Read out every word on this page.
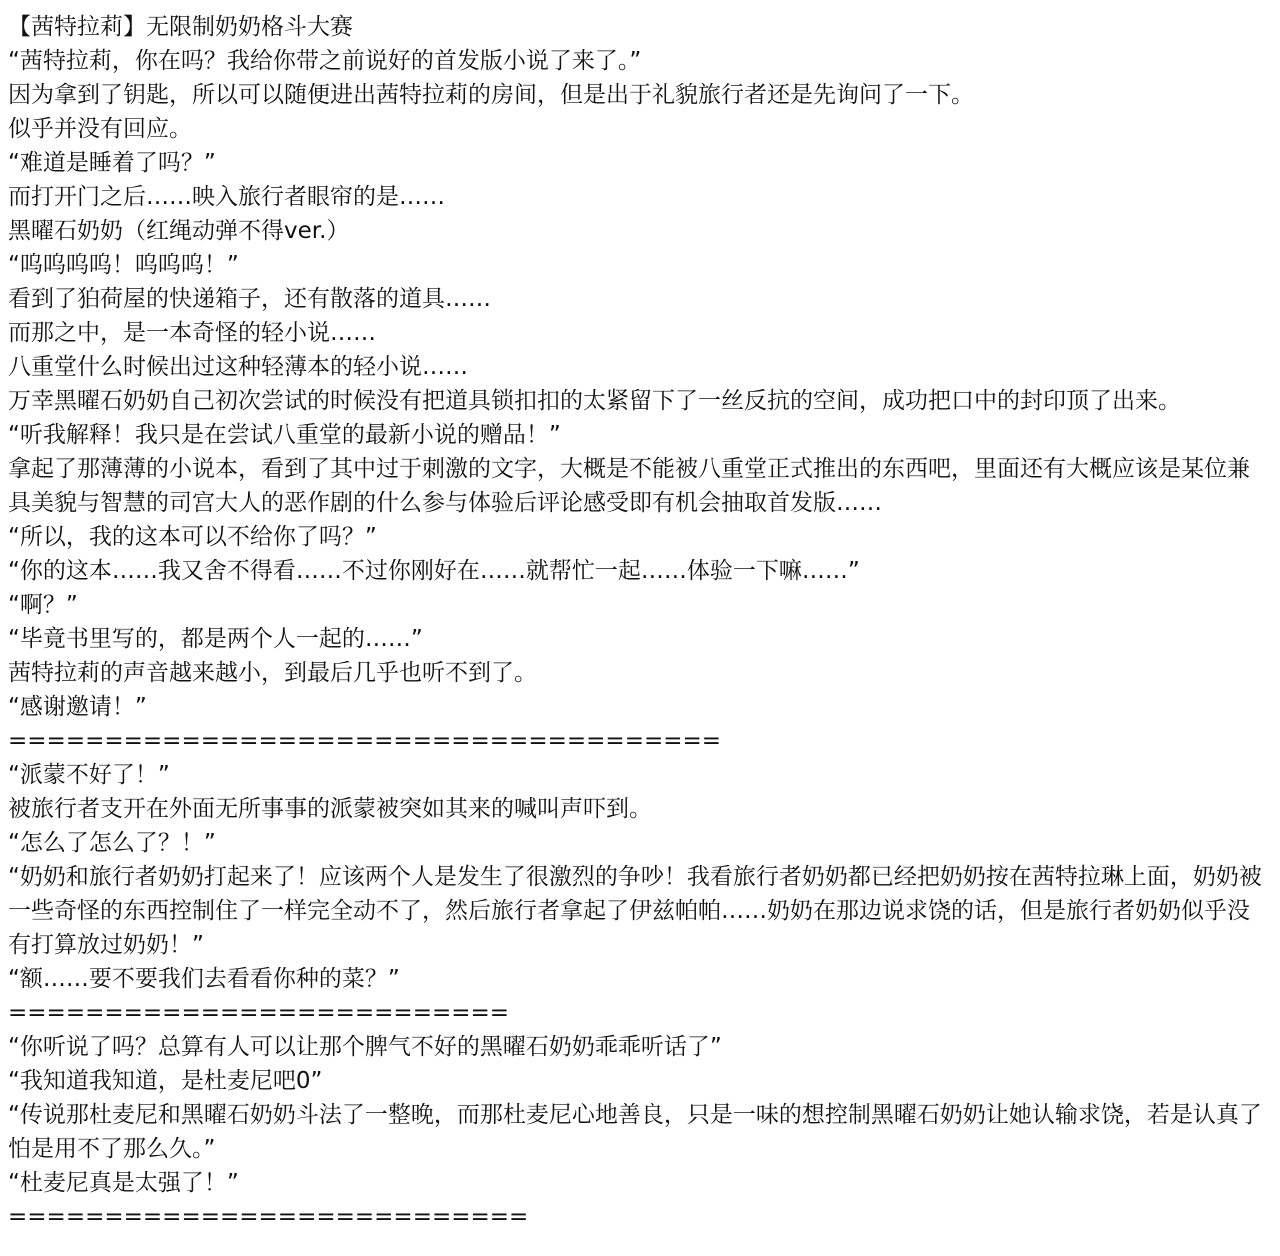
【茜特拉莉】无限制奶奶格斗大赛

“茜特拉莉，你在吗？我给你带之前说好的首发版小说了来了。”

因为拿到了钥匙，所以可以随便进出茜特拉莉的房间，但是出于礼貌旅行者还是先询问了一下。

似乎并没有回应。

“难道是睡着了吗？”

而打开门之后……映入旅行者眼帘的是……

黑曜石奶奶（红绳动弹不得ver.）

“呜呜呜呜！呜呜呜！”

看到了狛荷屋的快递箱子，还有散落的道具……

而那之中，是一本奇怪的轻小说……

八重堂什么时候出过这种轻薄本的轻小说……

万幸黑曜石奶奶自己初次尝试的时候没有把道具锁扣扣的太紧留下了一丝反抗的空间，成功把口中的封印顶了出来。

“听我解释！我只是在尝试八重堂的最新小说的赠品！”

拿起了那薄薄的小说本，看到了其中过于刺激的文字，大概是不能被八重堂正式推出的东西吧，里面还有大概应该是某位兼具美貌与智慧的司宫大人的恶作剧的什么参与体验后评论感受即有机会抽取首发版……

“所以，我的这本可以不给你了吗？”

“你的这本……我又舍不得看……不过你刚好在……就帮忙一起……体验一下嘛……”

“啊？”

“毕竟书里写的，都是两个人一起的……”

茜特拉莉的声音越来越小，到最后几乎也听不到了。

“感谢邀请！”

=====================================

“派蒙不好了！”

被旅行者支开在外面无所事事的派蒙被突如其来的喊叫声吓到。

“怎么了怎么了？！”

“奶奶和旅行者奶奶打起来了！应该两个人是发生了很激烈的争吵！我看旅行者奶奶都已经把奶奶按在茜特拉琳上面，奶奶被一些奇怪的东西控制住了一样完全动不了，然后旅行者拿起了伊兹帕帕……奶奶在那边说求饶的话，但是旅行者奶奶似乎没有打算放过奶奶！”

“额……要不要我们去看看你种的菜？”

==========================

“你听说了吗？总算有人可以让那个脾气不好的黑曜石奶奶乖乖听话了”

“我知道我知道，是杜麦尼吧0”

“传说那杜麦尼和黑曜石奶奶斗法了一整晚，而那杜麦尼心地善良，只是一味的想控制黑曜石奶奶让她认输求饶，若是认真了怕是用不了那么久。”

“杜麦尼真是太强了！”

===========================
